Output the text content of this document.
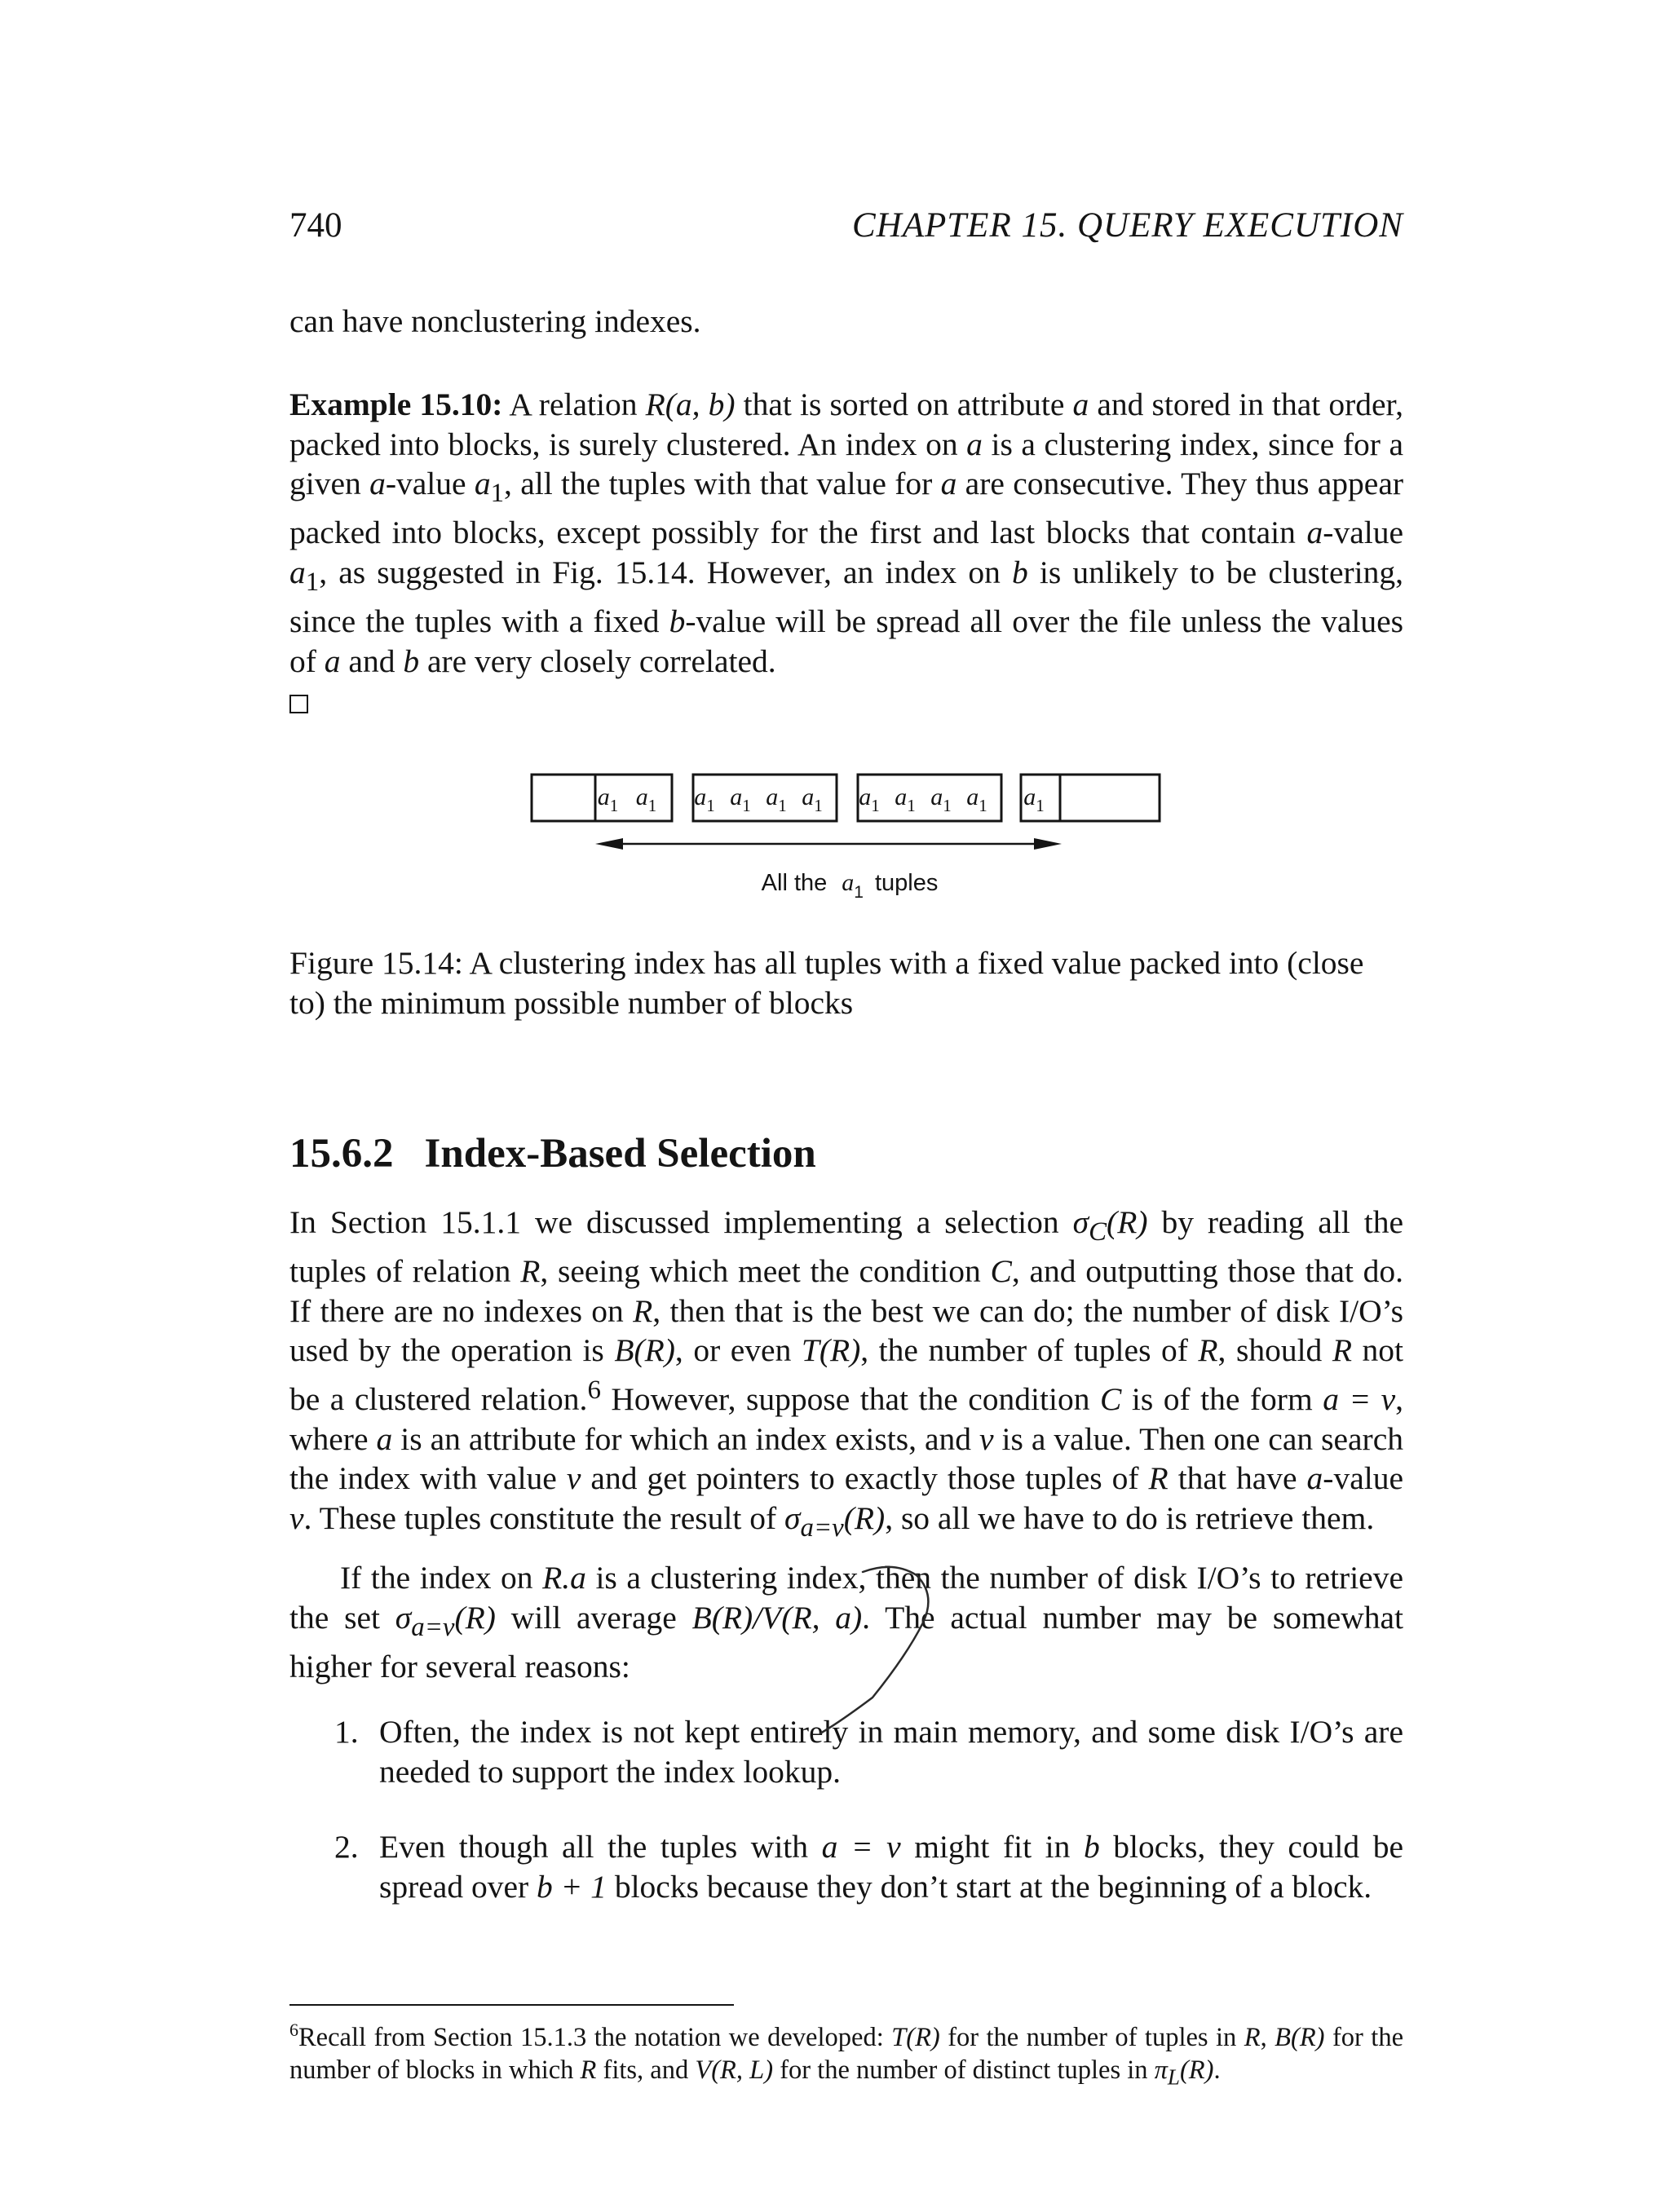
740	CHAPTER 15. QUERY EXECUTION
can have nonclustering indexes.
Example 15.10: A relation R(a, b) that is sorted on attribute a and stored in that order, packed into blocks, is surely clustered. An index on a is a clustering index, since for a given a-value $a_1$, all the tuples with that value for a are consecutive. They thus appear packed into blocks, except possibly for the first and last blocks that contain a-value $a_1$, as suggested in Fig. 15.14. However, an index on b is unlikely to be clustering, since the tuples with a fixed b-value will be spread all over the file unless the values of a and b are very closely correlated.

$a_1$ $a_1$ $a_1$ $a_1$ $a_1$ $a_1$ $a_1$ $a_1$ $a_1$ $a_1$ $a_1$
All the $a_1$ tuples
Figure 15.14: A clustering index has all tuples with a fixed value packed into (close to) the minimum possible number of blocks
15.6.2 Index-Based Selection
In Section 15.1.1 we discussed implementing a selection $\sigma_C(R)$ by reading all the tuples of relation R, seeing which meet the condition C, and outputting those that do. If there are no indexes on R, then that is the best we can do; the number of disk I/O’s used by the operation is B(R), or even T(R), the number of tuples of R, should R not be a clustered relation.$^6$ However, suppose that the condition C is of the form a = v, where a is an attribute for which an index exists, and v is a value. Then one can search the index with value v and get pointers to exactly those tuples of R that have a-value v. These tuples constitute the result of $\sigma_{a=v}(R)$, so all we have to do is retrieve them.
If the index on R.a is a clustering index, then the number of disk I/O’s to retrieve the set $\sigma_{a=v}(R)$ will average B(R)/V(R, a). The actual number may be somewhat higher for several reasons:
1. Often, the index is not kept entirely in main memory, and some disk I/O’s are needed to support the index lookup.
2. Even though all the tuples with a = v might fit in b blocks, they could be spread over b + 1 blocks because they don’t start at the beginning of a block.
$^6$Recall from Section 15.1.3 the notation we developed: T(R) for the number of tuples in R, B(R) for the number of blocks in which R fits, and V(R, L) for the number of distinct tuples in $\pi_L(R)$.
